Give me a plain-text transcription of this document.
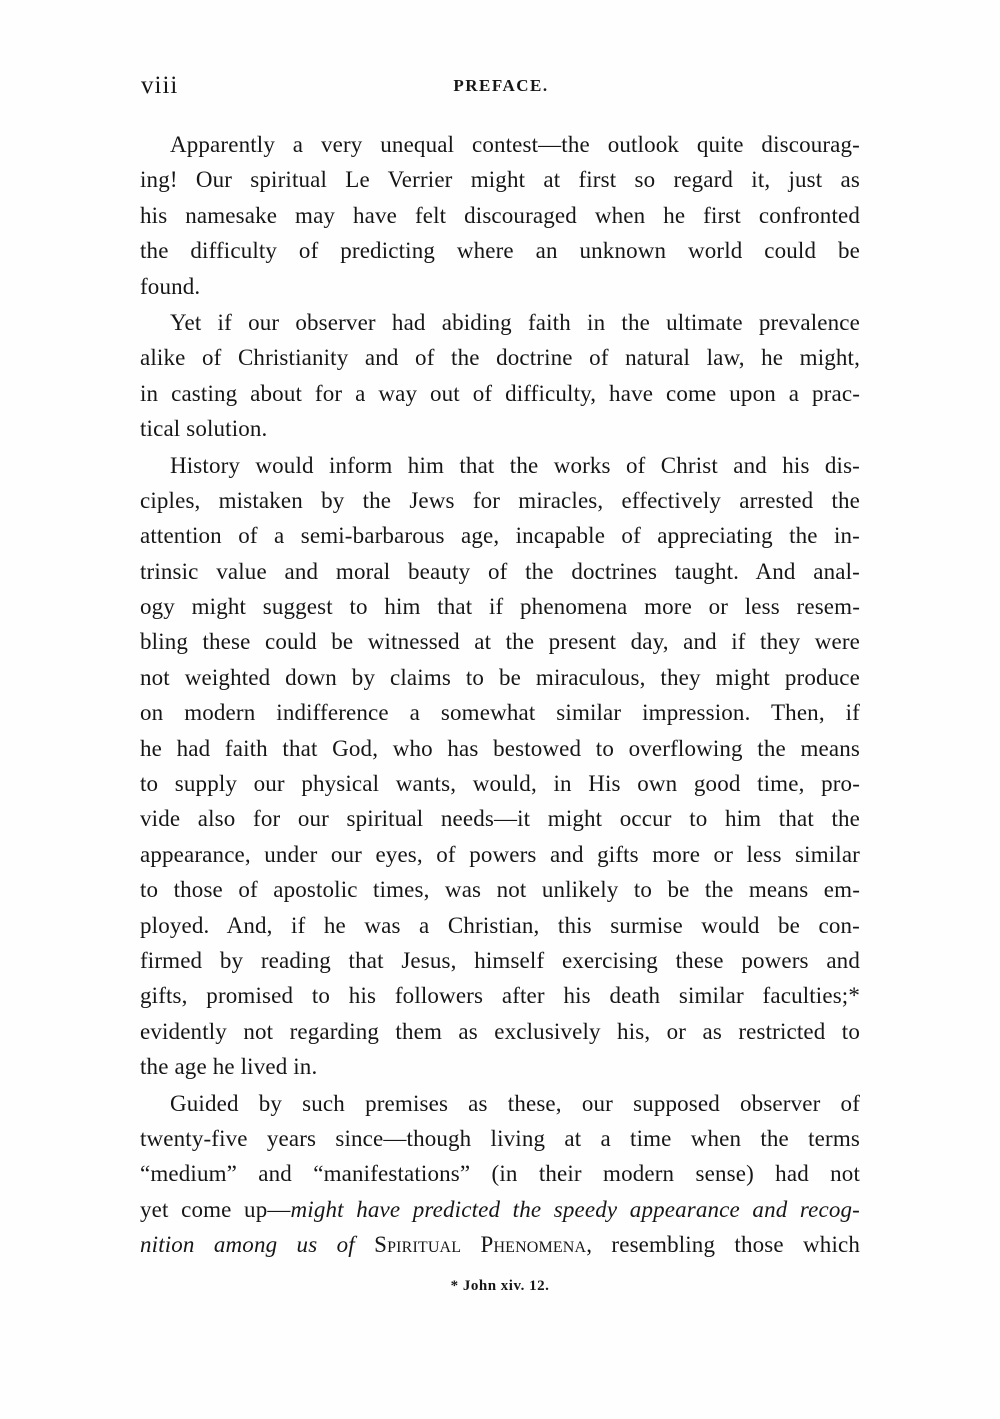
viii	PREFACE.
Apparently a very unequal contest—the outlook quite discourag-
ing! Our spiritual Le Verrier might at first so regard it, just as
his namesake may have felt discouraged when he first confronted
the difficulty of predicting where an unknown world could be
found.
Yet if our observer had abiding faith in the ultimate prevalence
alike of Christianity and of the doctrine of natural law, he might,
in casting about for a way out of difficulty, have come upon a prac-
tical solution.
History would inform him that the works of Christ and his dis-
ciples, mistaken by the Jews for miracles, effectively arrested the
attention of a semi-barbarous age, incapable of appreciating the in-
trinsic value and moral beauty of the doctrines taught. And anal-
ogy might suggest to him that if phenomena more or less resem-
bling these could be witnessed at the present day, and if they were
not weighted down by claims to be miraculous, they might produce
on modern indifference a somewhat similar impression. Then, if
he had faith that God, who has bestowed to overflowing the means
to supply our physical wants, would, in His own good time, pro-
vide also for our spiritual needs—it might occur to him that the
appearance, under our eyes, of powers and gifts more or less similar
to those of apostolic times, was not unlikely to be the means em-
ployed. And, if he was a Christian, this surmise would be con-
firmed by reading that Jesus, himself exercising these powers and
gifts, promised to his followers after his death similar faculties;*
evidently not regarding them as exclusively his, or as restricted to
the age he lived in.
Guided by such premises as these, our supposed observer of
twenty-five years since—though living at a time when the terms
“medium” and “manifestations” (in their modern sense) had not
yet come up—might have predicted the speedy appearance and recog-
nition among us of Spiritual Phenomena, resembling those which
* John xiv. 12.
